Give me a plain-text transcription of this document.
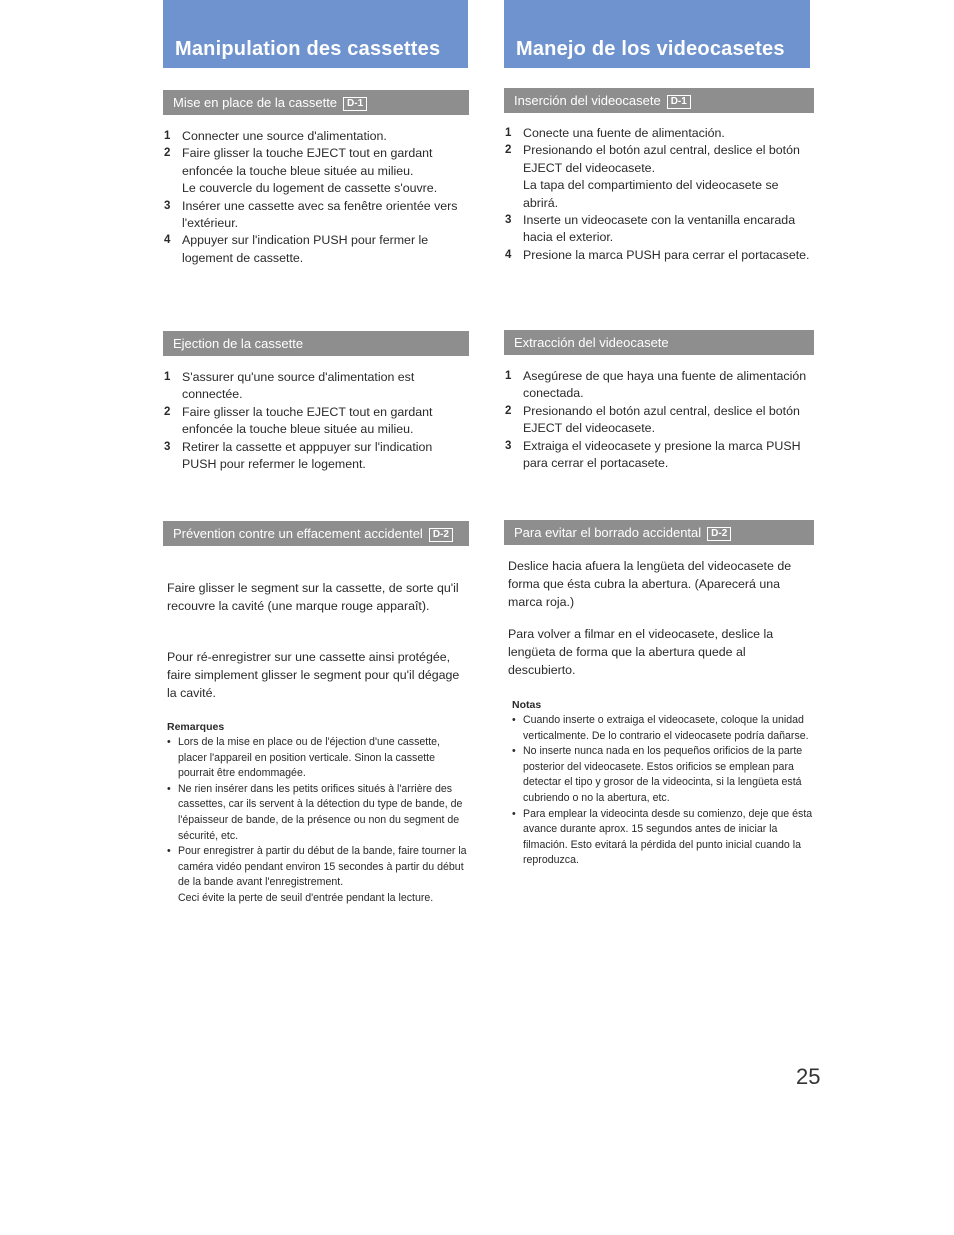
Manipulation des cassettes	Manejo de los videocasetes
Mise en place de la cassette D-1
1 Connecter une source d'alimentation.
2 Faire glisser la touche EJECT tout en gardant enfoncée la touche bleue située au milieu.
Le couvercle du logement de cassette s'ouvre.
3 Insérer une cassette avec sa fenêtre orientée vers l'extérieur.
4 Appuyer sur l'indication PUSH pour fermer le logement de cassette.
Ejection de la cassette
1 S'assurer qu'une source d'alimentation est connectée.
2 Faire glisser la touche EJECT tout en gardant enfoncée la touche bleue située au milieu.
3 Retirer la cassette et apppuyer sur l'indication PUSH pour refermer le logement.
Prévention contre un effacement accidentel D-2

Faire glisser le segment sur la cassette, de sorte qu'il recouvre la cavité (une marque rouge apparaît).

Pour ré-enregistrer sur une cassette ainsi protégée, faire simplement glisser le segment pour qu'il dégage la cavité.

Remarques
• Lors de la mise en place ou de l'éjection d'une cassette, placer l'appareil en position verticale. Sinon la cassette pourrait être endommagée.
• Ne rien insérer dans les petits orifices situés à l'arrière des cassettes, car ils servent à la détection du type de bande, de l'épaisseur de bande, de la présence ou non du segment de sécurité, etc.
• Pour enregistrer à partir du début de la bande, faire tourner la caméra vidéo pendant environ 15 secondes à partir du début de la bande avant l'enregistrement.
Ceci évite la perte de seuil d'entrée pendant la lecture.
Inserción del videocasete D-1
1 Conecte una fuente de alimentación.
2 Presionando el botón azul central, deslice el botón EJECT del videocasete.
La tapa del compartimiento del videocasete se abrirá.
3 Inserte un videocasete con la ventanilla encarada hacia el exterior.
4 Presione la marca PUSH para cerrar el portacasete.
Extracción del videocasete
1 Asegúrese de que haya una fuente de alimentación conectada.
2 Presionando el botón azul central, deslice el botón EJECT del videocasete.
3 Extraiga el videocasete y presione la marca PUSH para cerrar el portacasete.
Para evitar el borrado accidental D-2

Deslice hacia afuera la lengüeta del videocasete de forma que ésta cubra la abertura. (Aparecerá una marca roja.)

Para volver a filmar en el videocasete, deslice la lengüeta de forma que la abertura quede al descubierto.

Notas
• Cuando inserte o extraiga el videocasete, coloque la unidad verticalmente. De lo contrario el videocasete podría dañarse.
• No inserte nunca nada en los pequeños orificios de la parte posterior del videocasete. Estos orificios se emplean para detectar el tipo y grosor de la videocinta, si la lengüeta está cubriendo o no la abertura, etc.
• Para emplear la videocinta desde su comienzo, deje que ésta avance durante aprox. 15 segundos antes de iniciar la filmación. Esto evitará la pérdida del punto inicial cuando la reproduzca.
25
